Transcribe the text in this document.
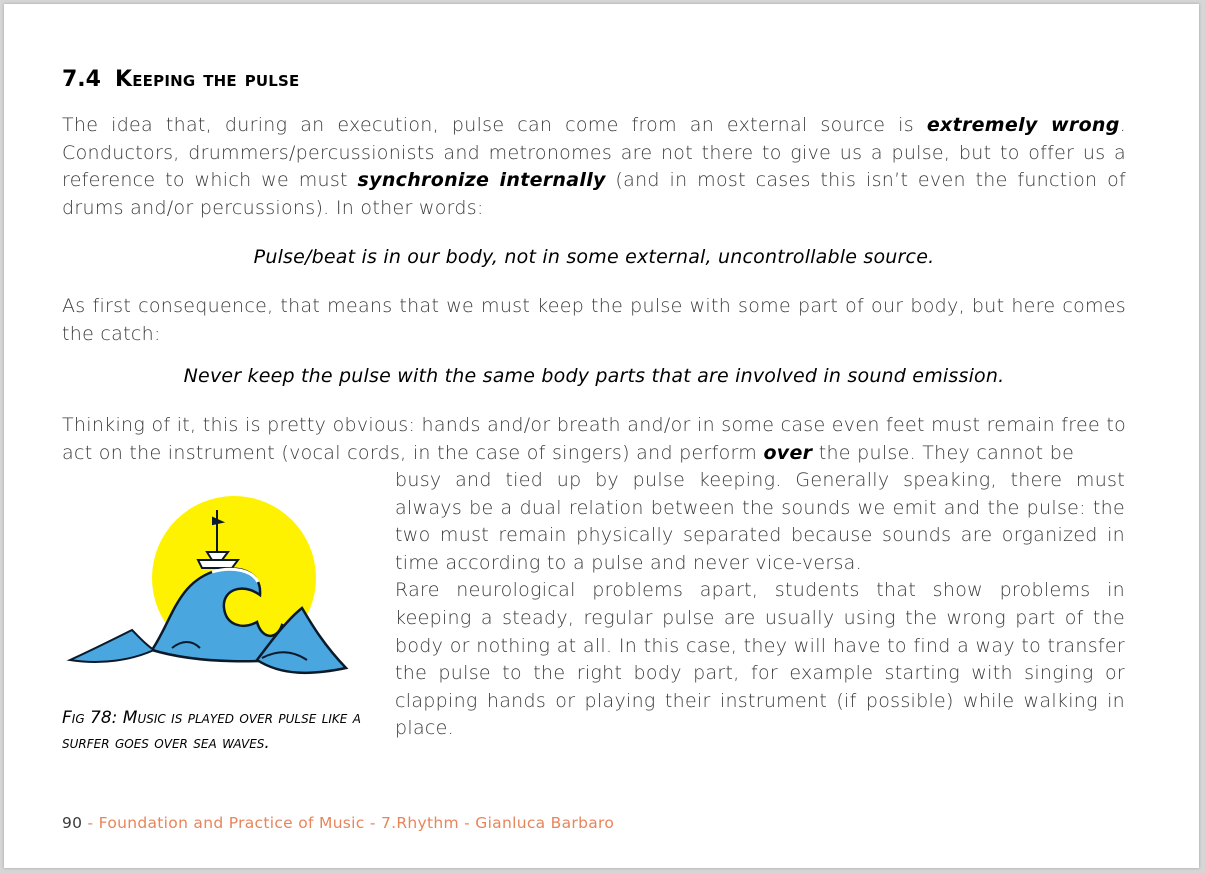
7.4 Keeping the pulse

The idea that, during an execution, pulse can come from an external source is extremely wrong. Conductors, drummers/percussionists and metronomes are not there to give us a pulse, but to offer us a reference to which we must synchronize internally (and in most cases this isn’t even the function of drums and/or percussions). In other words:

Pulse/beat is in our body, not in some external, uncontrollable source.

As first consequence, that means that we must keep the pulse with some part of our body, but here comes the catch:

Never keep the pulse with the same body parts that are involved in sound emission.

Thinking of it, this is pretty obvious: hands and/or breath and/or in some case even feet must remain free to act on the instrument (vocal cords, in the case of singers) and perform over the pulse. They cannot be

busy and tied up by pulse keeping. Generally speaking, there must always be a dual relation between the sounds we emit and the pulse: the two must remain physically separated because sounds are organized in time according to a pulse and never vice-versa.
Rare neurological problems apart, students that show problems in keeping a steady, regular pulse are usually using the wrong part of the body or nothing at all. In this case, they will have to find a way to transfer the pulse to the right body part, for example starting with singing or clapping hands or playing their instrument (if possible) while walking in place.

Fig 78: Music is played over pulse like a surfer goes over sea waves.
90 - Foundation and Practice of Music - 7.Rhythm - Gianluca Barbaro
